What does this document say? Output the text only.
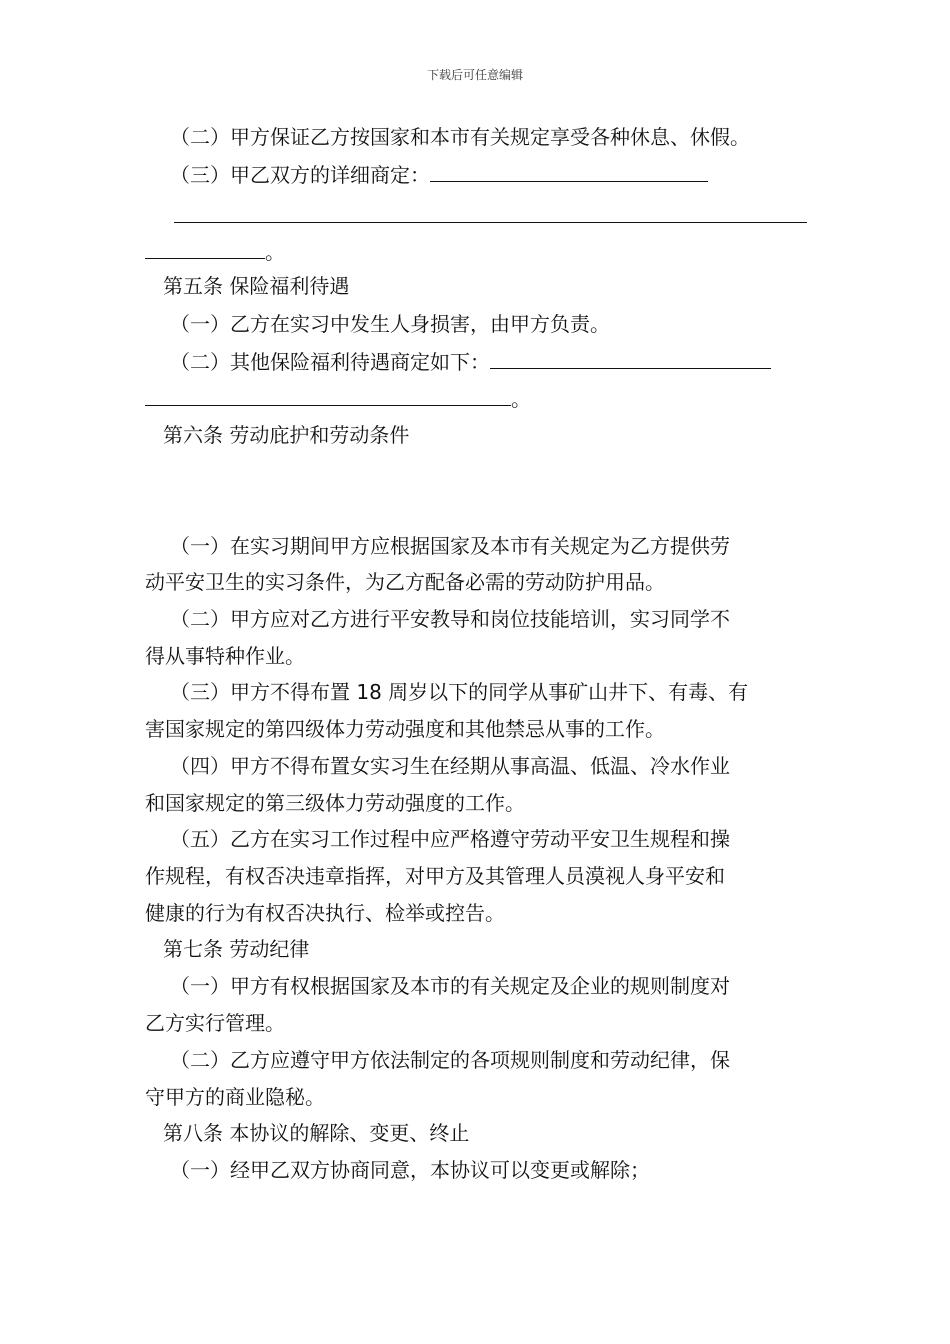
下载后可任意编辑
（二）甲方保证乙方按国家和本市有关规定享受各种休息、休假。
（三）甲乙双方的详细商定：
。
第五条 保险福利待遇
（一）乙方在实习中发生人身损害，由甲方负责。
（二）其他保险福利待遇商定如下：
。
第六条 劳动庇护和劳动条件
（一）在实习期间甲方应根据国家及本市有关规定为乙方提供劳
动平安卫生的实习条件，为乙方配备必需的劳动防护用品。
（二）甲方应对乙方进行平安教导和岗位技能培训，实习同学不
得从事特种作业。
（三）甲方不得布置 18 周岁以下的同学从事矿山井下、有毒、有
害国家规定的第四级体力劳动强度和其他禁忌从事的工作。
（四）甲方不得布置女实习生在经期从事高温、低温、冷水作业
和国家规定的第三级体力劳动强度的工作。
（五）乙方在实习工作过程中应严格遵守劳动平安卫生规程和操
作规程，有权否决违章指挥，对甲方及其管理人员漠视人身平安和
健康的行为有权否决执行、检举或控告。
第七条 劳动纪律
（一）甲方有权根据国家及本市的有关规定及企业的规则制度对
乙方实行管理。
（二）乙方应遵守甲方依法制定的各项规则制度和劳动纪律，保
守甲方的商业隐秘。
第八条 本协议的解除、变更、终止
（一）经甲乙双方协商同意，本协议可以变更或解除；
